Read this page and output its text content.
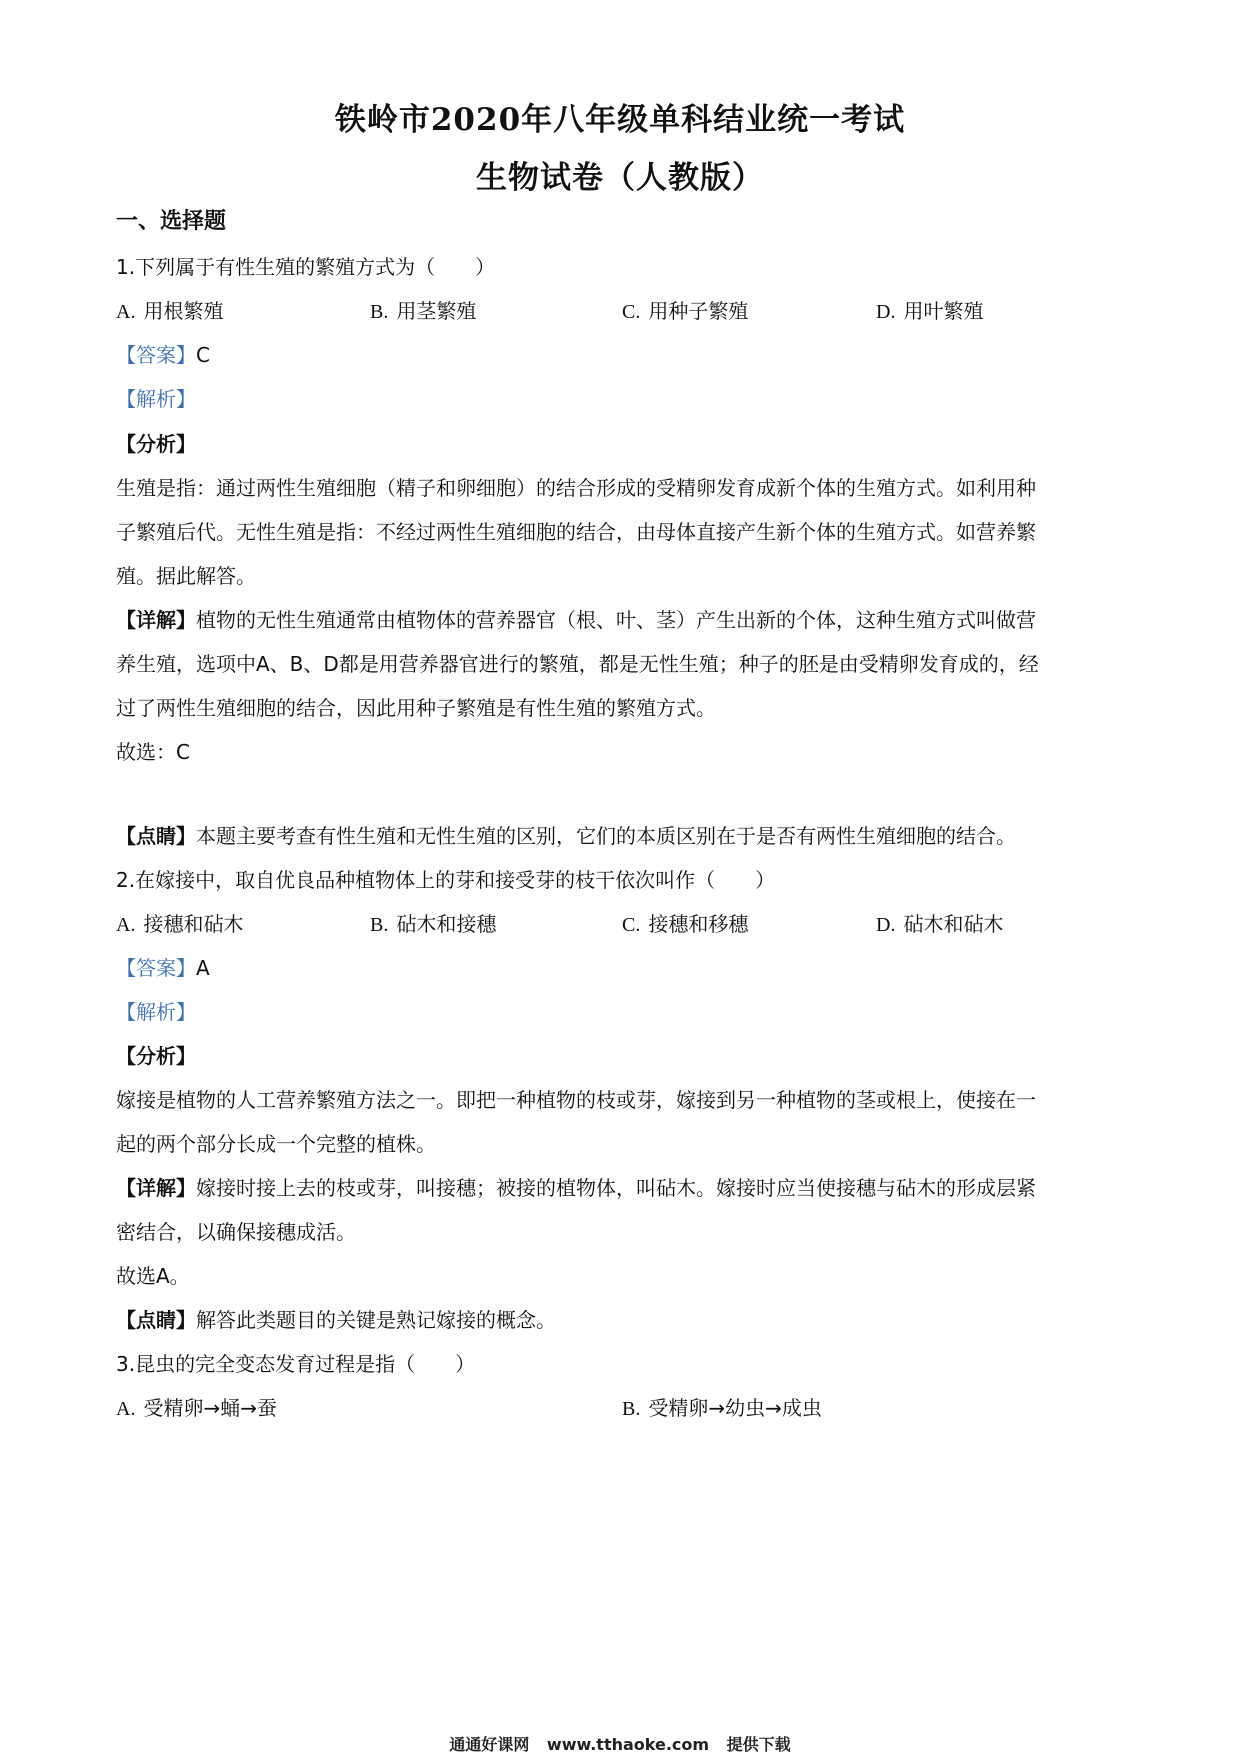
铁岭市2020年八年级单科结业统一考试
生物试卷（人教版）
一、选择题
1.下列属于有性生殖的繁殖方式为（　　）
A. 用根繁殖	B. 用茎繁殖	C. 用种子繁殖	D. 用叶繁殖
【答案】C
【解析】
【分析】
生殖是指：通过两性生殖细胞（精子和卵细胞）的结合形成的受精卵发育成新个体的生殖方式。如利用种
子繁殖后代。无性生殖是指：不经过两性生殖细胞的结合，由母体直接产生新个体的生殖方式。如营养繁
殖。据此解答。
【详解】植物的无性生殖通常由植物体的营养器官（根、叶、茎）产生出新的个体，这种生殖方式叫做营
养生殖，选项中A、B、D都是用营养器官进行的繁殖，都是无性生殖；种子的胚是由受精卵发育成的，经
过了两性生殖细胞的结合，因此用种子繁殖是有性生殖的繁殖方式。
故选：C
【点睛】本题主要考查有性生殖和无性生殖的区别，它们的本质区别在于是否有两性生殖细胞的结合。
2.在嫁接中，取自优良品种植物体上的芽和接受芽的枝干依次叫作（　　）
A. 接穗和砧木	B. 砧木和接穗	C. 接穗和移穗	D. 砧木和砧木
【答案】A
【解析】
【分析】
嫁接是植物的人工营养繁殖方法之一。即把一种植物的枝或芽，嫁接到另一种植物的茎或根上，使接在一
起的两个部分长成一个完整的植株。
【详解】嫁接时接上去的枝或芽，叫接穗；被接的植物体，叫砧木。嫁接时应当使接穗与砧木的形成层紧
密结合，以确保接穗成活。
故选A。
【点睛】解答此类题目的关键是熟记嫁接的概念。
3.昆虫的完全变态发育过程是指（　　）
A. 受精卵→蛹→蚕	B. 受精卵→幼虫→成虫
通通好课网 www.tthaoke.com 提供下载
